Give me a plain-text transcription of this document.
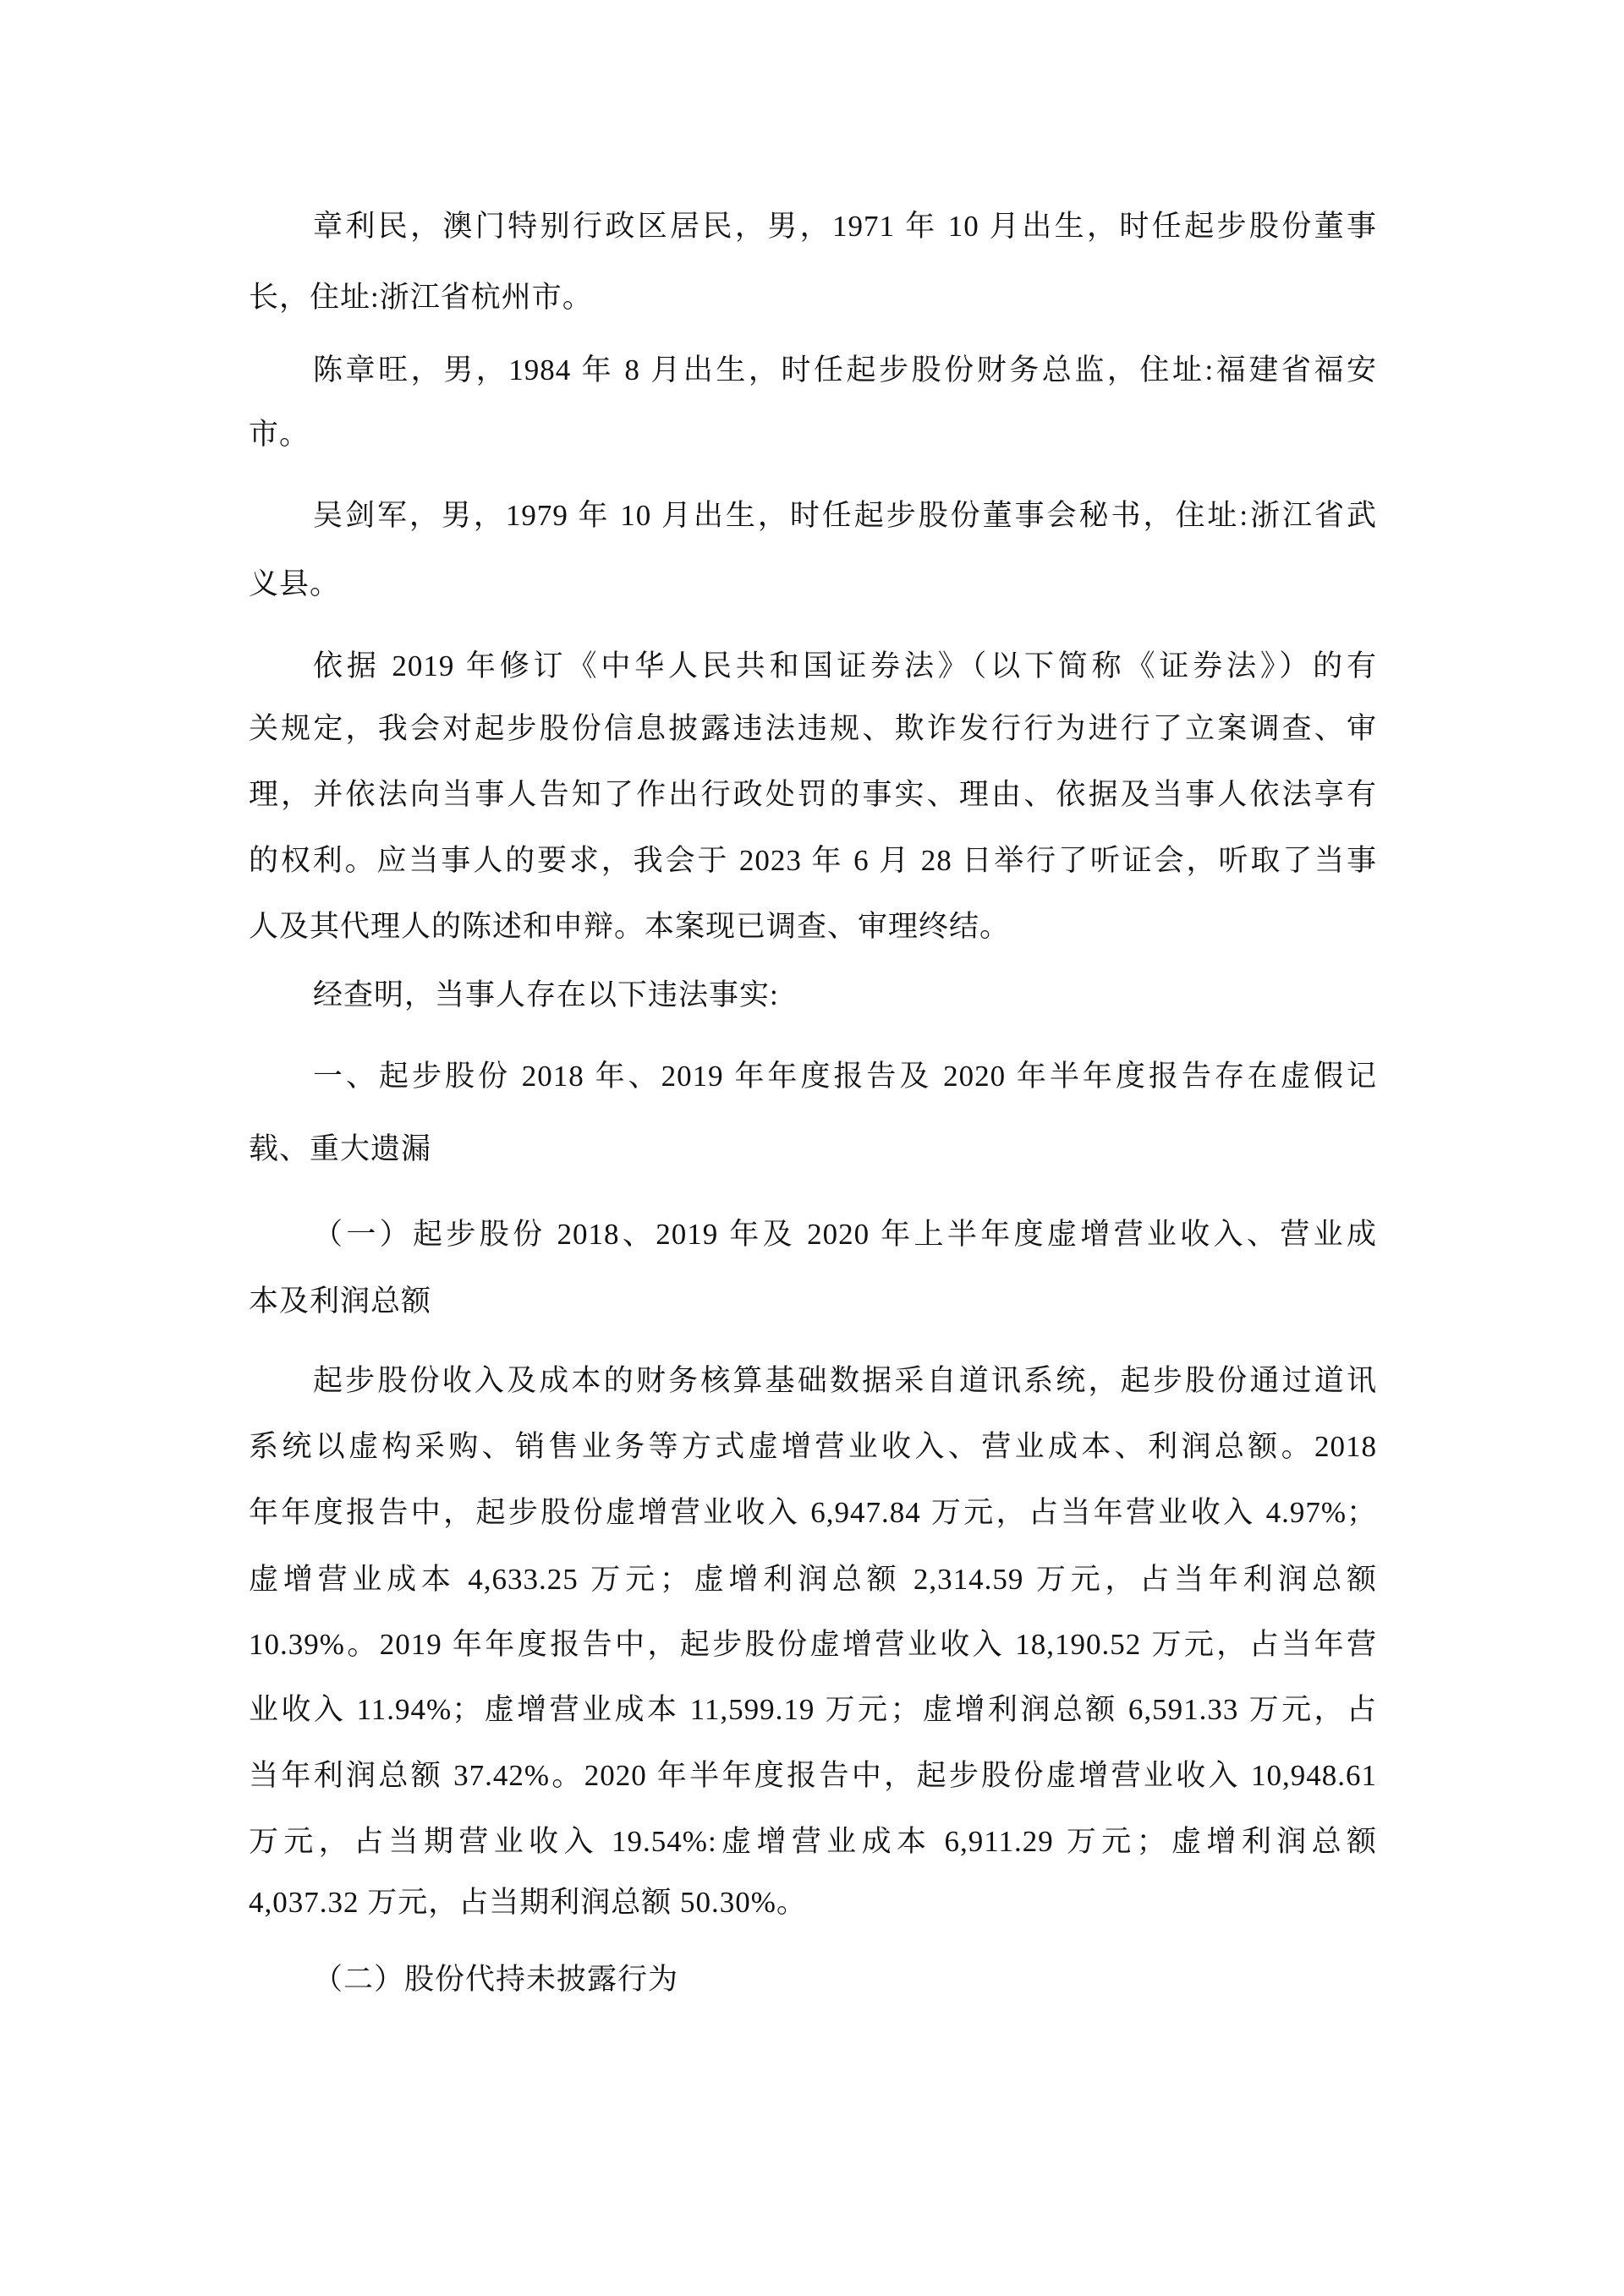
章利民，澳门特别行政区居民，男，1971 年 10 月出生，时任起步股份董事
长，住址:浙江省杭州市。
陈章旺，男，1984 年 8 月出生，时任起步股份财务总监，住址:福建省福安
市。
吴剑军，男，1979 年 10 月出生，时任起步股份董事会秘书，住址:浙江省武
义县。
依据 2019 年修订《中华人民共和国证券法》（以下简称《证券法》）的有
关规定，我会对起步股份信息披露违法违规、欺诈发行行为进行了立案调查、审
理，并依法向当事人告知了作出行政处罚的事实、理由、依据及当事人依法享有
的权利。应当事人的要求，我会于 2023 年 6 月 28 日举行了听证会，听取了当事
人及其代理人的陈述和申辩。本案现已调查、审理终结。
经查明，当事人存在以下违法事实:
一、起步股份 2018 年、2019 年年度报告及 2020 年半年度报告存在虚假记
载、重大遗漏
（一）起步股份 2018、2019 年及 2020 年上半年度虚增营业收入、营业成
本及利润总额
起步股份收入及成本的财务核算基础数据采自道讯系统，起步股份通过道讯
系统以虚构采购、销售业务等方式虚增营业收入、营业成本、利润总额。2018
年年度报告中，起步股份虚增营业收入 6,947.84 万元，占当年营业收入 4.97%；
虚增营业成本 4,633.25 万元；虚增利润总额 2,314.59 万元，占当年利润总额
10.39%。2019 年年度报告中，起步股份虚增营业收入 18,190.52 万元，占当年营
业收入 11.94%；虚增营业成本 11,599.19 万元；虚增利润总额 6,591.33 万元，占
当年利润总额 37.42%。2020 年半年度报告中，起步股份虚增营业收入 10,948.61
万元，占当期营业收入 19.54%:虚增营业成本 6,911.29 万元；虚增利润总额
4,037.32 万元，占当期利润总额 50.30%。
（二）股份代持未披露行为
